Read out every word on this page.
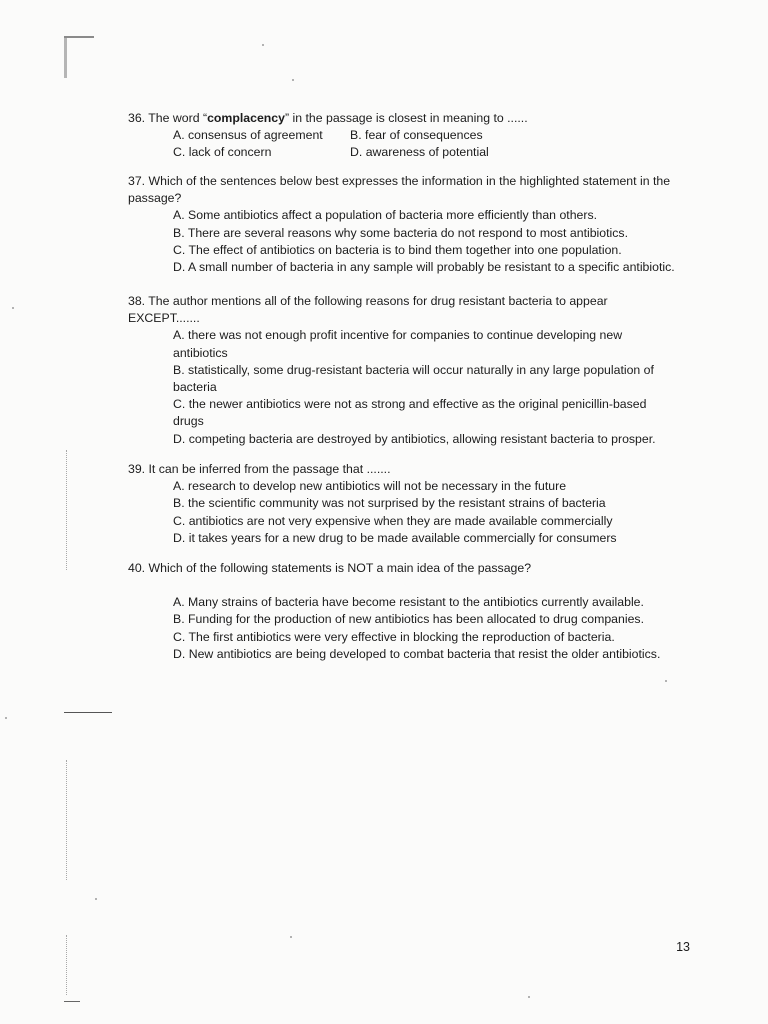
36. The word “complacency” in the passage is closest in meaning to ......

A. consensus of agreement	B. fear of consequences

C. lack of concern	D. awareness of potential

37. Which of the sentences below best expresses the information in the highlighted statement in the passage?

A. Some antibiotics affect a population of bacteria more efficiently than others.

B. There are several reasons why some bacteria do not respond to most antibiotics.

C. The effect of antibiotics on bacteria is to bind them together into one population.

D. A small number of bacteria in any sample will probably be resistant to a specific antibiotic.

38. The author mentions all of the following reasons for drug resistant bacteria to appear EXCEPT.......

A. there was not enough profit incentive for companies to continue developing new antibiotics

B. statistically, some drug-resistant bacteria will occur naturally in any large population of bacteria

C. the newer antibiotics were not as strong and effective as the original penicillin-based drugs

D. competing bacteria are destroyed by antibiotics, allowing resistant bacteria to prosper.

39. It can be inferred from the passage that .......

A. research to develop new antibiotics will not be necessary in the future

B. the scientific community was not surprised by the resistant strains of bacteria

C. antibiotics are not very expensive when they are made available commercially

D. it takes years for a new drug to be made available commercially for consumers

40. Which of the following statements is NOT a main idea of the passage?

A. Many strains of bacteria have become resistant to the antibiotics currently available.

B. Funding for the production of new antibiotics has been allocated to drug companies.

C. The first antibiotics were very effective in blocking the reproduction of bacteria.

D. New antibiotics are being developed to combat bacteria that resist the older antibiotics.

13
